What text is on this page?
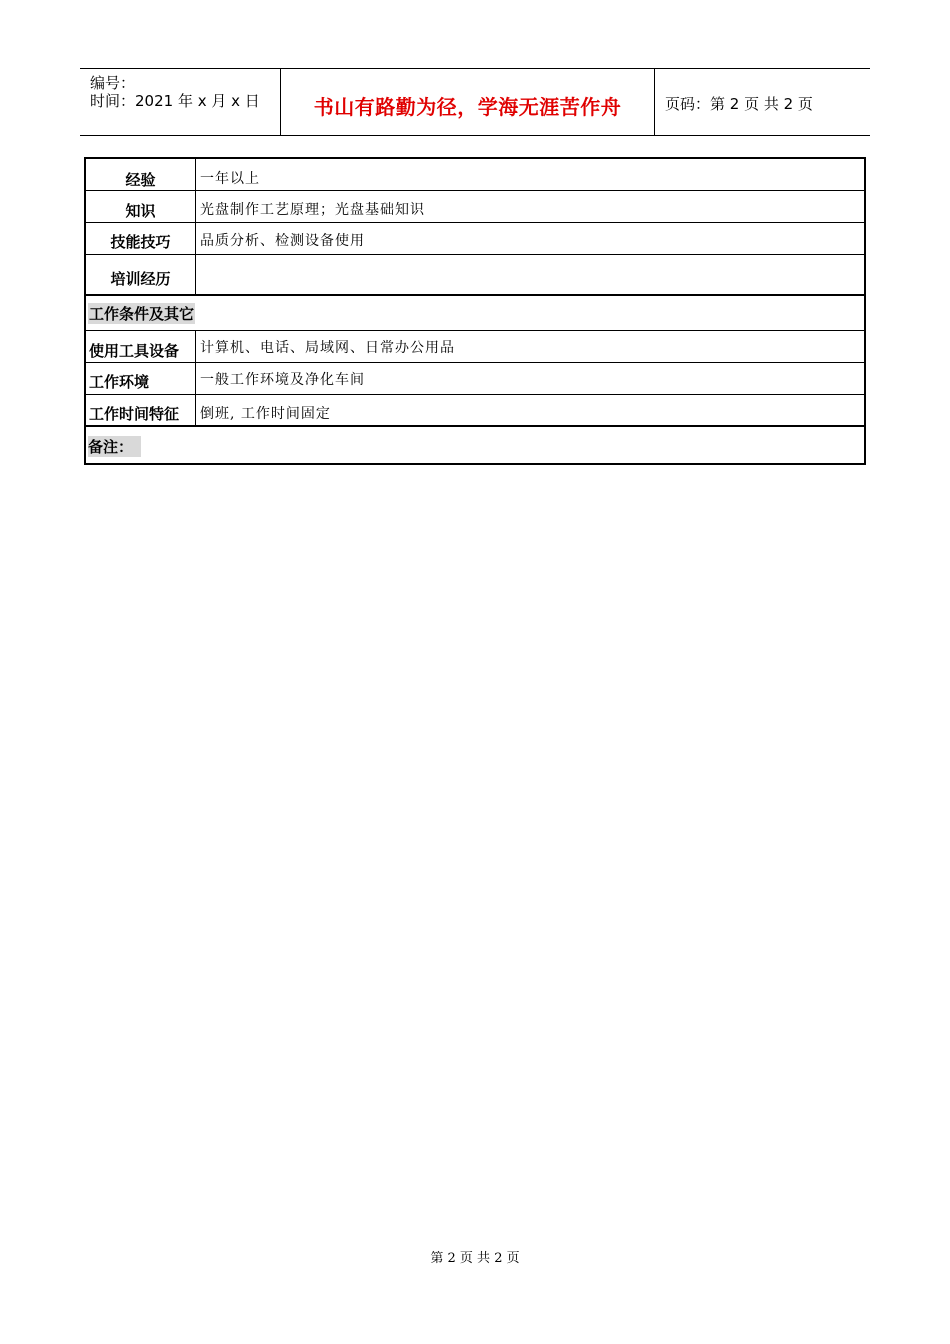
编号：
时间：2021 年 x 月 x 日	书山有路勤为径，学海无涯苦作舟	页码：第 2 页 共 2 页
经验	一年以上
知识	光盘制作工艺原理；光盘基础知识
技能技巧	品质分析、检测设备使用
培训经历
工作条件及其它
使用工具设备 计算机、电话、局域网、日常办公用品
工作环境	一般工作环境及净化车间
工作时间特征 倒班, 工作时间固定
备注：
第 2 页 共 2 页
